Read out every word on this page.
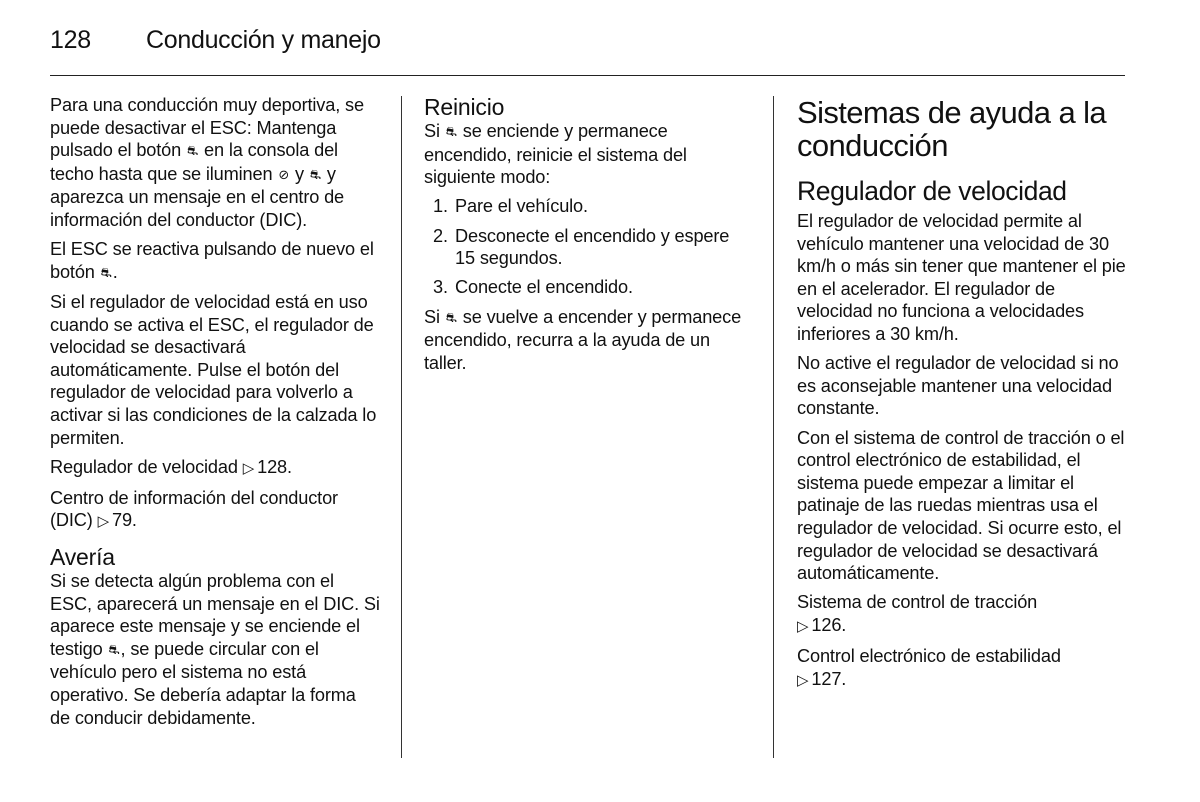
128 Conducción y manejo

Para una conducción muy deportiva, se puede desactivar el ESC: Mantenga pulsado el botón ⛐ en la consola del techo hasta que se iluminen ⊘ y ⛐ y aparezca un mensaje en el centro de información del conductor (DIC).

El ESC se reactiva pulsando de nuevo el botón ⛐.

Si el regulador de velocidad está en uso cuando se activa el ESC, el regulador de velocidad se desactivará automáticamente. Pulse el botón del regulador de velocidad para volverlo a activar si las condiciones de la calzada lo permiten.

Regulador de velocidad ▷ 128.

Centro de información del conductor (DIC) ▷ 79.

Avería

Si se detecta algún problema con el ESC, aparecerá un mensaje en el DIC. Si aparece este mensaje y se enciende el testigo ⛐, se puede circular con el vehículo pero el sistema no está operativo. Se debería adaptar la forma de conducir debidamente.

Reinicio

Si ⛐ se enciende y permanece encendido, reinicie el sistema del siguiente modo:

1. Pare el vehículo.
2. Desconecte el encendido y espere 15 segundos.
3. Conecte el encendido.

Si ⛐ se vuelve a encender y permanece encendido, recurra a la ayuda de un taller.

Sistemas de ayuda a la conducción
Regulador de velocidad

El regulador de velocidad permite al vehículo mantener una velocidad de 30 km/h o más sin tener que mantener el pie en el acelerador. El regulador de velocidad no funciona a velocidades inferiores a 30 km/h.

No active el regulador de velocidad si no es aconsejable mantener una velocidad constante.

Con el sistema de control de tracción o el control electrónico de estabilidad, el sistema puede empezar a limitar el patinaje de las ruedas mientras usa el regulador de velocidad. Si ocurre esto, el regulador de velocidad se desactivará automáticamente.

Sistema de control de tracción
▷ 126.

Control electrónico de estabilidad
▷ 127.
